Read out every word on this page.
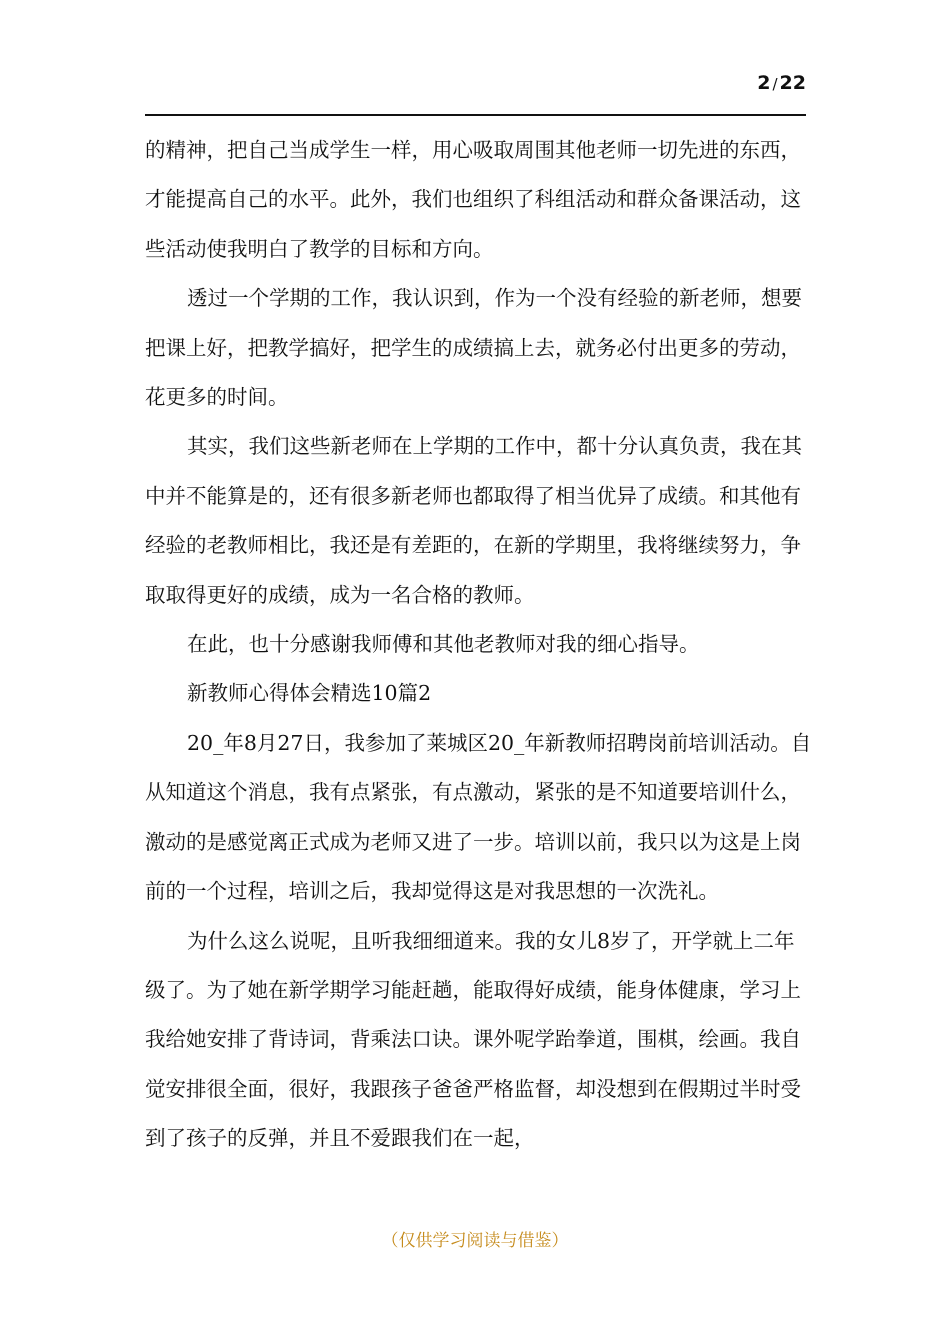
2 / 22

的精神，把自己当成学生一样，用心吸取周围其他老师一切先进的东西，才能提高自己的水平。此外，我们也组织了科组活动和群众备课活动，这些活动使我明白了教学的目标和方向。

透过一个学期的工作，我认识到，作为一个没有经验的新老师，想要把课上好，把教学搞好，把学生的成绩搞上去，就务必付出更多的劳动，花更多的时间。

其实，我们这些新老师在上学期的工作中，都十分认真负责，我在其中并不能算是的，还有很多新老师也都取得了相当优异了成绩。和其他有经验的老教师相比，我还是有差距的，在新的学期里，我将继续努力，争取取得更好的成绩，成为一名合格的教师。

在此，也十分感谢我师傅和其他老教师对我的细心指导。

新教师心得体会精选10篇2

20_年8月27日，我参加了莱城区20_年新教师招聘岗前培训活动。自从知道这个消息，我有点紧张，有点激动，紧张的是不知道要培训什么，激动的是感觉离正式成为老师又进了一步。培训以前，我只以为这是上岗前的一个过程，培训之后，我却觉得这是对我思想的一次洗礼。

为什么这么说呢，且听我细细道来。我的女儿8岁了，开学就上二年级了。为了她在新学期学习能赶趟，能取得好成绩，能身体健康，学习上我给她安排了背诗词，背乘法口诀。课外呢学跆拳道，围棋，绘画。我自觉安排很全面，很好，我跟孩子爸爸严格监督，却没想到在假期过半时受到了孩子的反弹，并且不爱跟我们在一起，

（仅供学习阅读与借鉴）
